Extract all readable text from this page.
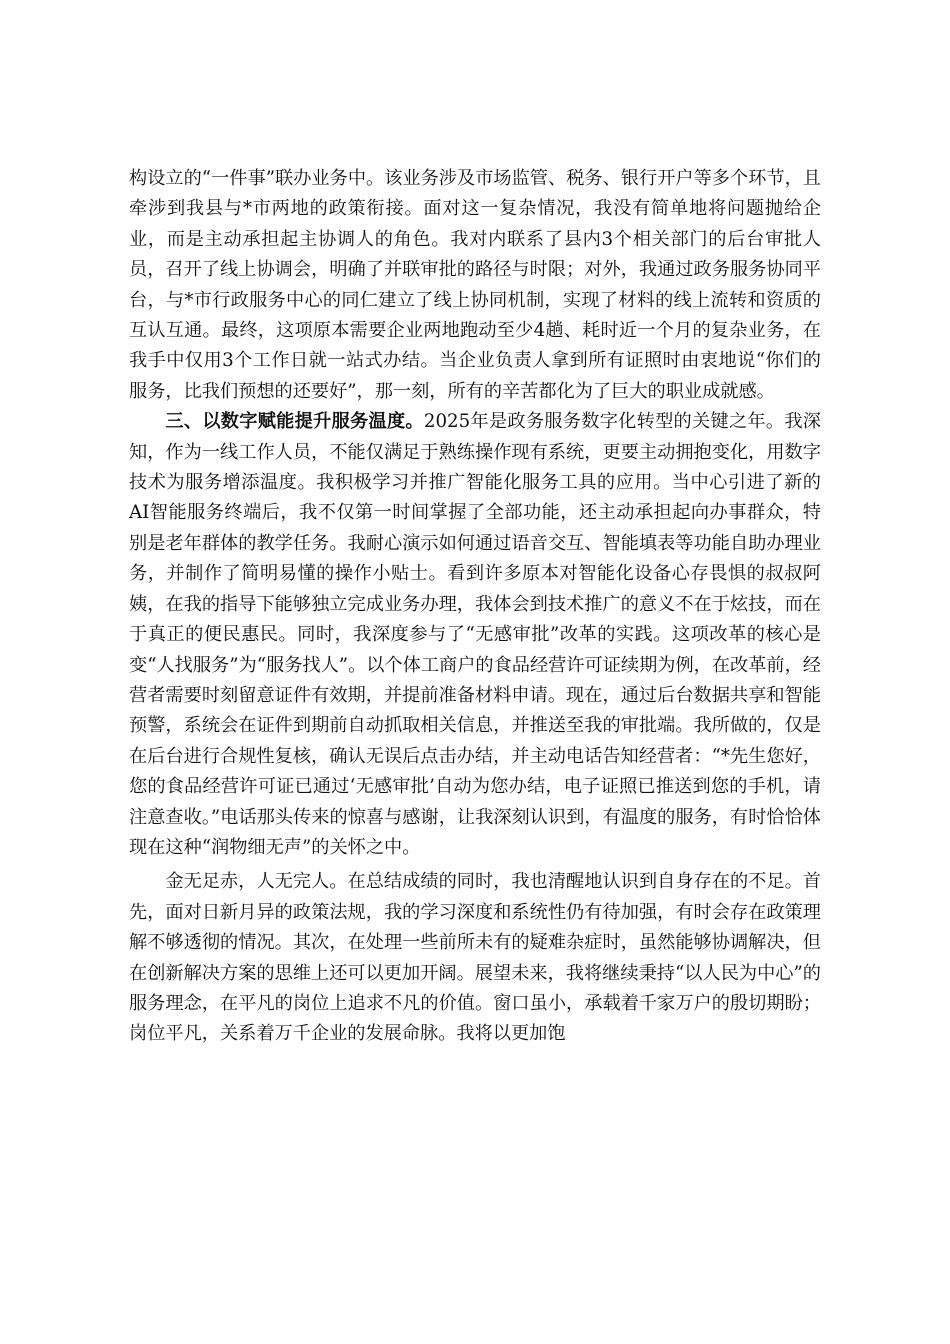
构设立的“一件事”联办业务中。该业务涉及市场监管、税务、银行开户等多个环节，且牵涉到我县与*市两地的政策衔接。面对这一复杂情况，我没有简单地将问题抛给企业，而是主动承担起主协调人的角色。我对内联系了县内3个相关部门的后台审批人员，召开了线上协调会，明确了并联审批的路径与时限；对外，我通过政务服务协同平台，与*市行政服务中心的同仁建立了线上协同机制，实现了材料的线上流转和资质的互认互通。最终，这项原本需要企业两地跑动至少4趟、耗时近一个月的复杂业务，在我手中仅用3个工作日就一站式办结。当企业负责人拿到所有证照时由衷地说“你们的服务，比我们预想的还要好”，那一刻，所有的辛苦都化为了巨大的职业成就感。

三、以数字赋能提升服务温度。2025年是政务服务数字化转型的关键之年。我深知，作为一线工作人员，不能仅满足于熟练操作现有系统，更要主动拥抱变化，用数字技术为服务增添温度。我积极学习并推广智能化服务工具的应用。当中心引进了新的AI智能服务终端后，我不仅第一时间掌握了全部功能，还主动承担起向办事群众，特别是老年群体的教学任务。我耐心演示如何通过语音交互、智能填表等功能自助办理业务，并制作了简明易懂的操作小贴士。看到许多原本对智能化设备心存畏惧的叔叔阿姨，在我的指导下能够独立完成业务办理，我体会到技术推广的意义不在于炫技，而在于真正的便民惠民。同时，我深度参与了“无感审批”改革的实践。这项改革的核心是变“人找服务”为“服务找人”。以个体工商户的食品经营许可证续期为例，在改革前，经营者需要时刻留意证件有效期，并提前准备材料申请。现在，通过后台数据共享和智能预警，系统会在证件到期前自动抓取相关信息，并推送至我的审批端。我所做的，仅是在后台进行合规性复核，确认无误后点击办结，并主动电话告知经营者：“*先生您好，您的食品经营许可证已通过‘无感审批’自动为您办结，电子证照已推送到您的手机，请注意查收。”电话那头传来的惊喜与感谢，让我深刻认识到，有温度的服务，有时恰恰体现在这种“润物细无声”的关怀之中。

金无足赤，人无完人。在总结成绩的同时，我也清醒地认识到自身存在的不足。首先，面对日新月异的政策法规，我的学习深度和系统性仍有待加强，有时会存在政策理解不够透彻的情况。其次，在处理一些前所未有的疑难杂症时，虽然能够协调解决，但在创新解决方案的思维上还可以更加开阔。展望未来，我将继续秉持“以人民为中心”的服务理念，在平凡的岗位上追求不凡的价值。窗口虽小，承载着千家万户的殷切期盼；岗位平凡，关系着万千企业的发展命脉。我将以更加饱
